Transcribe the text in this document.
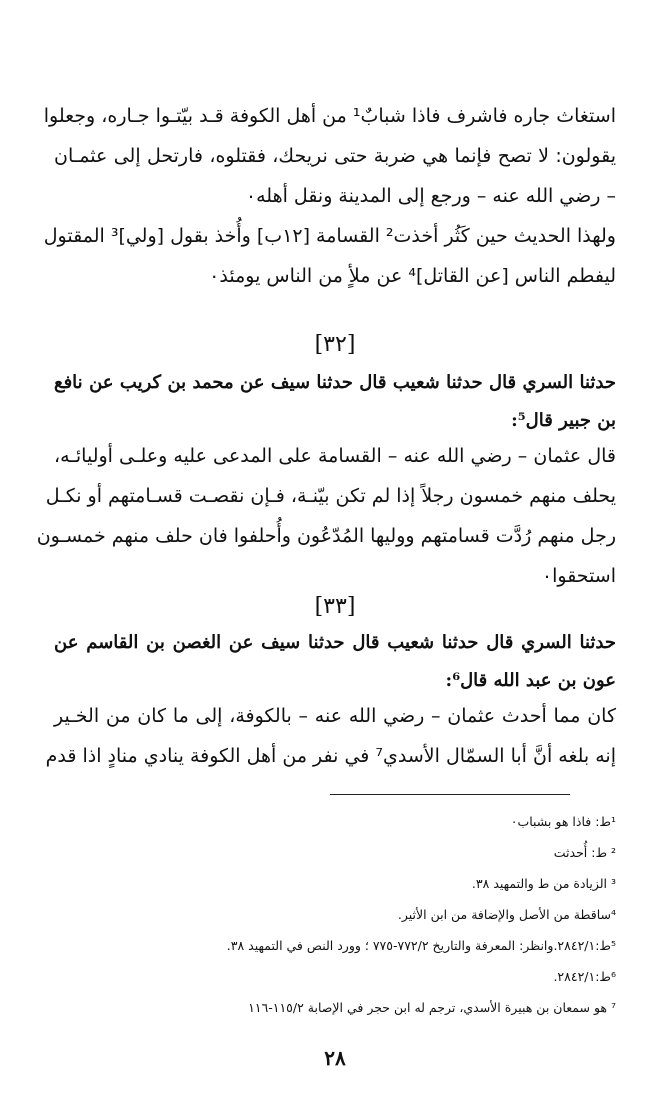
استغاث جاره فاشرف فاذا شبابٌ¹ من أهل الكوفة قـد بيّتـوا جـاره، وجعلوا
يقولون: لا تصح فإنما هي ضربة حتى نريحك، فقتلوه، فارتحل إلى عثمـان
– رضي الله عنه – ورجع إلى المدينة ونقل أهله٠
ولهذا الحديث حين كَثُر أخذت² القسامة [١٢ب] وأُخذ بقول [ولي]³ المقتول
ليفطم الناس [عن القاتل]⁴ عن ملأٍ من الناس يومئذ٠
[٣٢]
حدثنا السري قال حدثنا شعيب قال حدثنا سيف عن محمد بن كريب عن نافع
بن جبير قال⁵:
قال عثمان – رضي الله عنه – القسامة على المدعى عليه وعلـى أوليائـه،
يحلف منهم خمسون رجلاً إذا لم تكن بيّنـة، فـإن نقصـت قسـامتهم أو نكـل
رجل منهم رُدَّت قسامتهم ووليها المُدّعُون وأُحلفوا فان حلف منهم خمسـون
استحقوا٠
[٣٣]
حدثنا السري قال حدثنا شعيب قال حدثنا سيف عن الغصن بن القاسم عن
عون بن عبد الله قال⁶:
كان مما أحدث عثمان – رضي الله عنه – بالكوفة، إلى ما كان من الخـير
إنه بلغه أنَّ أبا السمّال الأسدي⁷ في نفر من أهل الكوفة ينادي منادٍ اذا قدم
¹ط: فاذا هو بشباب٠
² ط: أُحدثت
³ الزيادة من ط والتمهيد ٣٨.
⁴ساقطة من الأصل والإضافة من ابن الأثير.
⁵ط:٢٨٤٢/١.وانظر: المعرفة والتاريخ ٧٧٢/٢-٧٧٥ ؛ وورد النص في التمهيد ٣٨.
⁶ط:٢٨٤٢/١.
⁷ هو سمعان بن هبيرة الأسدي، ترجم له ابن حجر في الإصابة ١١٥/٢-١١٦
٢٨
